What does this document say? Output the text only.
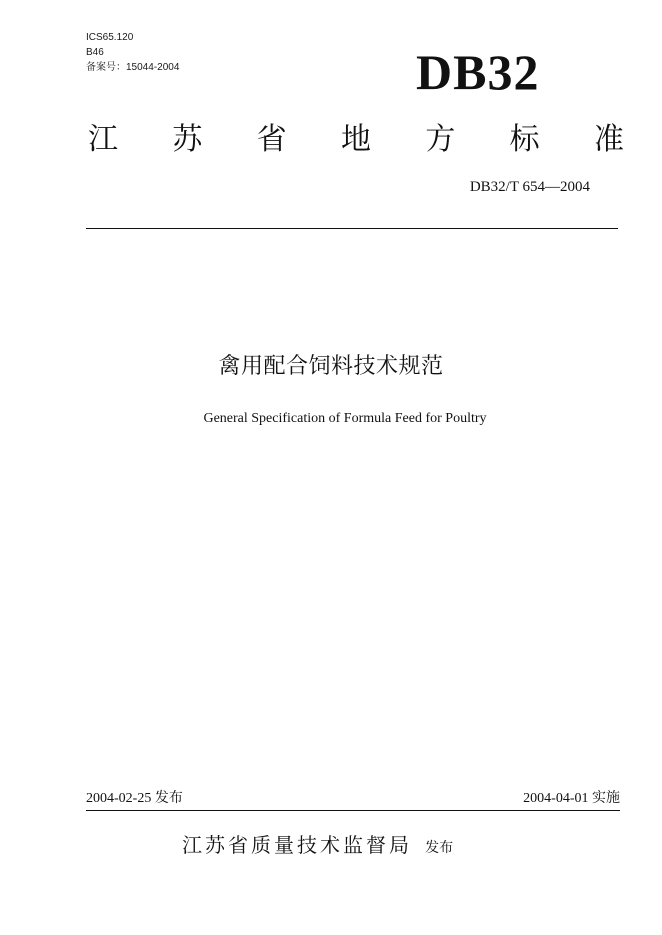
ICS65.120
B46
备案号：15044-2004	DB32
江 苏 省 地 方 标 准
DB32/T 654—2004
禽用配合饲料技术规范
General Specification of Formula Feed for Poultry
2004-02-25 发布	2004-04-01 实施
江苏省质量技术监督局 发布
